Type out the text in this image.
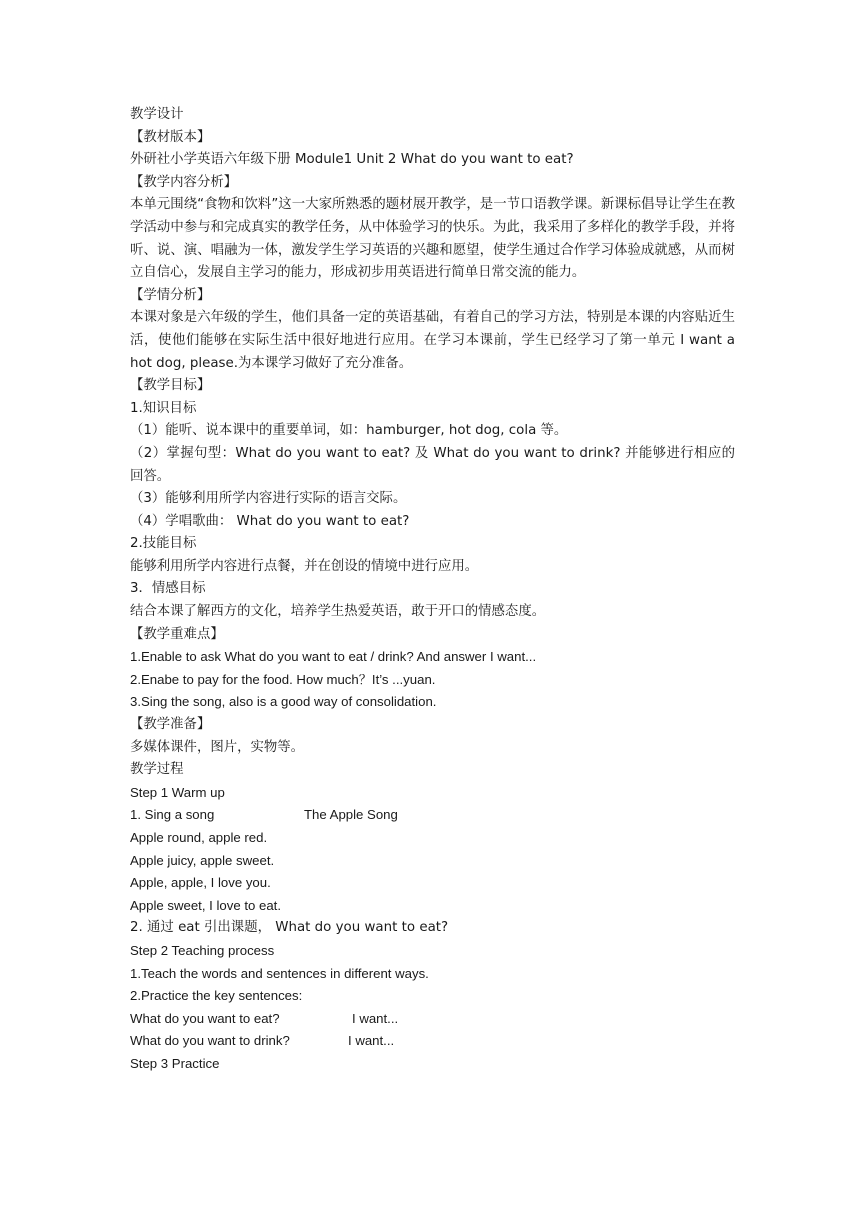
教学设计
【教材版本】
外研社小学英语六年级下册 Module1 Unit 2 What do you want to eat?
【教学内容分析】

本单元围绕“食物和饮料”这一大家所熟悉的题材展开教学，是一节口语教学课。新课标倡导让学生在教学活动中参与和完成真实的教学任务，从中体验学习的快乐。为此，我采用了多样化的教学手段，并将听、说、演、唱融为一体，激发学生学习英语的兴趣和愿望，使学生通过合作学习体验成就感，从而树立自信心，发展自主学习的能力，形成初步用英语进行简单日常交流的能力。

【学情分析】

本课对象是六年级的学生，他们具备一定的英语基础，有着自己的学习方法，特别是本课的内容贴近生活，使他们能够在实际生活中很好地进行应用。在学习本课前，学生已经学习了第一单元 I want a hot dog, please.为本课学习做好了充分准备。

【教学目标】
1.知识目标
（1）能听、说本课中的重要单词，如：hamburger, hot dog, cola 等。

（2）掌握句型：What do you want to eat? 及 What do you want to drink? 并能够进行相应的回答。

（3）能够利用所学内容进行实际的语言交际。
（4）学唱歌曲： What do you want to eat?
2.技能目标
能够利用所学内容进行点餐，并在创设的情境中进行应用。
3．情感目标
结合本课了解西方的文化，培养学生热爱英语，敢于开口的情感态度。
【教学重难点】
1.Enable to ask What do you want to eat / drink? And answer I want...
2.Enabe to pay for the food. How much？It’s ...yuan.
3.Sing the song, also is a good way of consolidation.
【教学准备】
多媒体课件，图片，实物等。
教学过程
Step 1 Warm up
1. Sing a song	The Apple Song
Apple round, apple red.
Apple juicy, apple sweet.
Apple, apple, I love you.
Apple sweet, I love to eat.
2. 通过 eat 引出课题， What do you want to eat?
Step 2 Teaching process
1.Teach the words and sentences in different ways.
2.Practice the key sentences:
What do you want to eat?	I want...
What do you want to drink?	I want...
Step 3 Practice
